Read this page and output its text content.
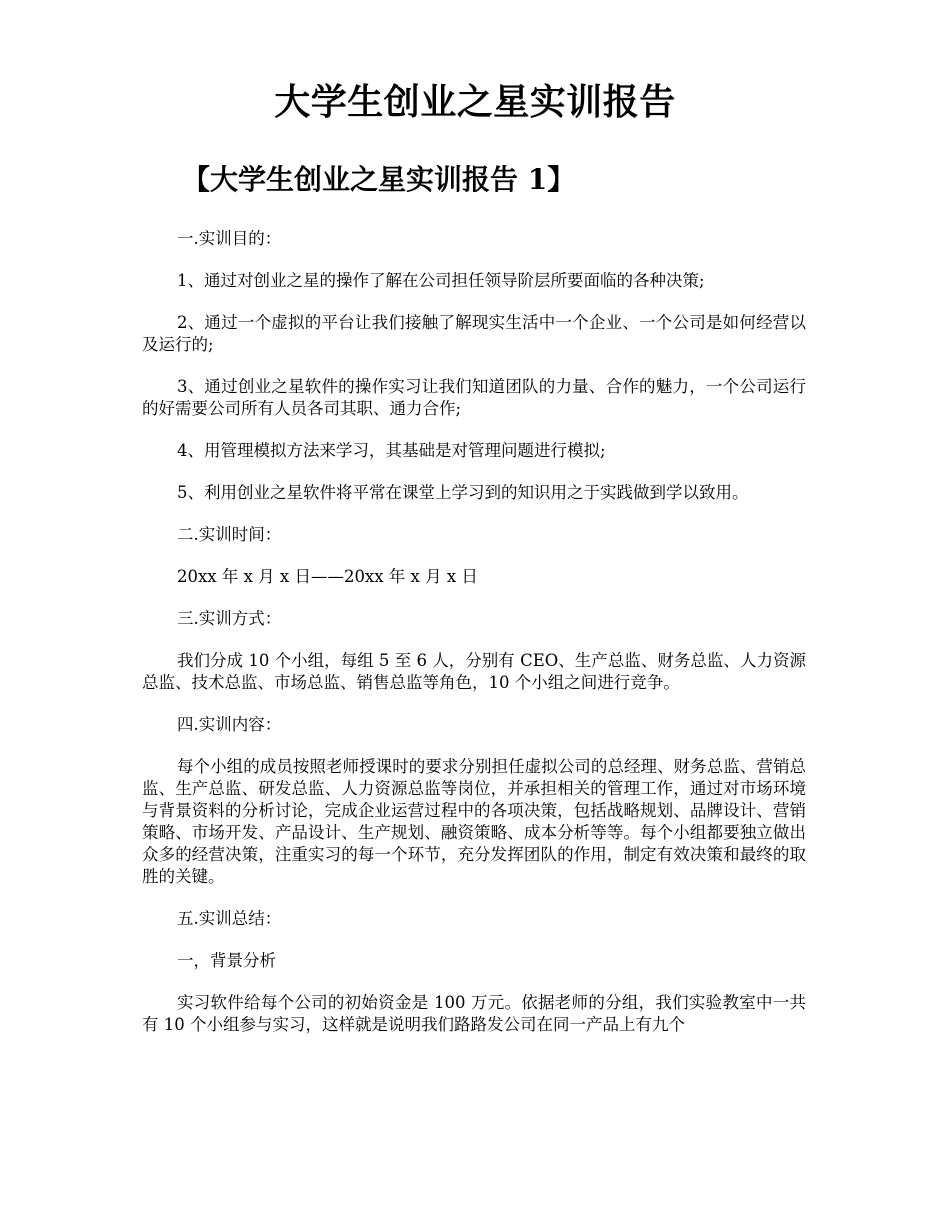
大学生创业之星实训报告
【大学生创业之星实训报告 1】

一.实训目的：

1、通过对创业之星的操作了解在公司担任领导阶层所要面临的各种决策;

2、通过一个虚拟的平台让我们接触了解现实生活中一个企业、一个公司是如何经营以及运行的;

3、通过创业之星软件的操作实习让我们知道团队的力量、合作的魅力，一个公司运行的好需要公司所有人员各司其职、通力合作;

4、用管理模拟方法来学习，其基础是对管理问题进行模拟;

5、利用创业之星软件将平常在课堂上学习到的知识用之于实践做到学以致用。

二.实训时间：

20xx 年 x 月 x 日——20xx 年 x 月 x 日

三.实训方式：

我们分成 10 个小组，每组 5 至 6 人，分别有 CEO、生产总监、财务总监、人力资源总监、技术总监、市场总监、销售总监等角色，10 个小组之间进行竞争。

四.实训内容：

每个小组的成员按照老师授课时的要求分别担任虚拟公司的总经理、财务总监、营销总监、生产总监、研发总监、人力资源总监等岗位，并承担相关的管理工作，通过对市场环境与背景资料的分析讨论，完成企业运营过程中的各项决策，包括战略规划、品牌设计、营销策略、市场开发、产品设计、生产规划、融资策略、成本分析等等。每个小组都要独立做出众多的经营决策，注重实习的每一个环节，充分发挥团队的作用，制定有效决策和最终的取胜的关键。

五.实训总结：

一，背景分析

实习软件给每个公司的初始资金是 100 万元。依据老师的分组，我们实验教室中一共有 10 个小组参与实习，这样就是说明我们路路发公司在同一产品上有九个
